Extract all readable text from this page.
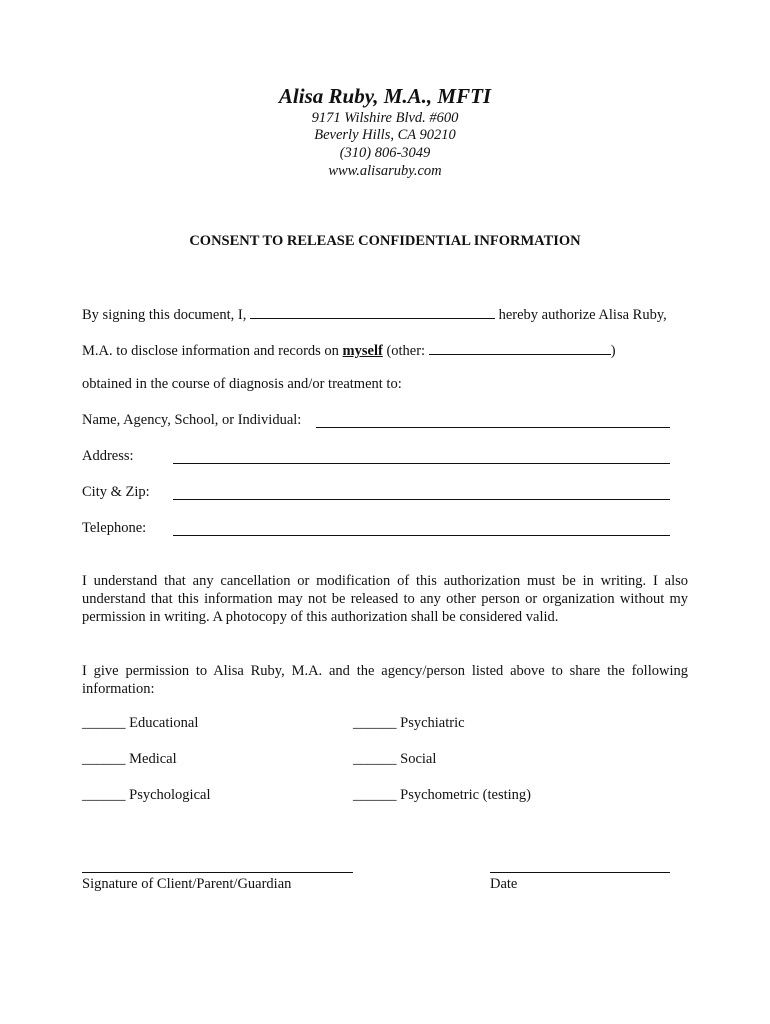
Alisa Ruby, M.A., MFTI
9171 Wilshire Blvd. #600
Beverly Hills, CA 90210
(310) 806-3049
www.alisaruby.com
CONSENT TO RELEASE CONFIDENTIAL INFORMATION
By signing this document, I,	hereby authorize Alisa Ruby,
M.A. to disclose information and records on myself (other:	)
obtained in the course of diagnosis and/or treatment to:
Name, Agency, School, or Individual:
Address:
City & Zip:
Telephone:
I understand that any cancellation or modification of this authorization must be in writing. I also understand that this information may not be released to any other person or organization without my permission in writing. A photocopy of this authorization shall be considered valid.
I give permission to Alisa Ruby, M.A. and the agency/person listed above to share the following information:
______ Educational	______ Psychiatric
______ Medical	______ Social
______ Psychological	______ Psychometric (testing)
Signature of Client/Parent/Guardian	Date
